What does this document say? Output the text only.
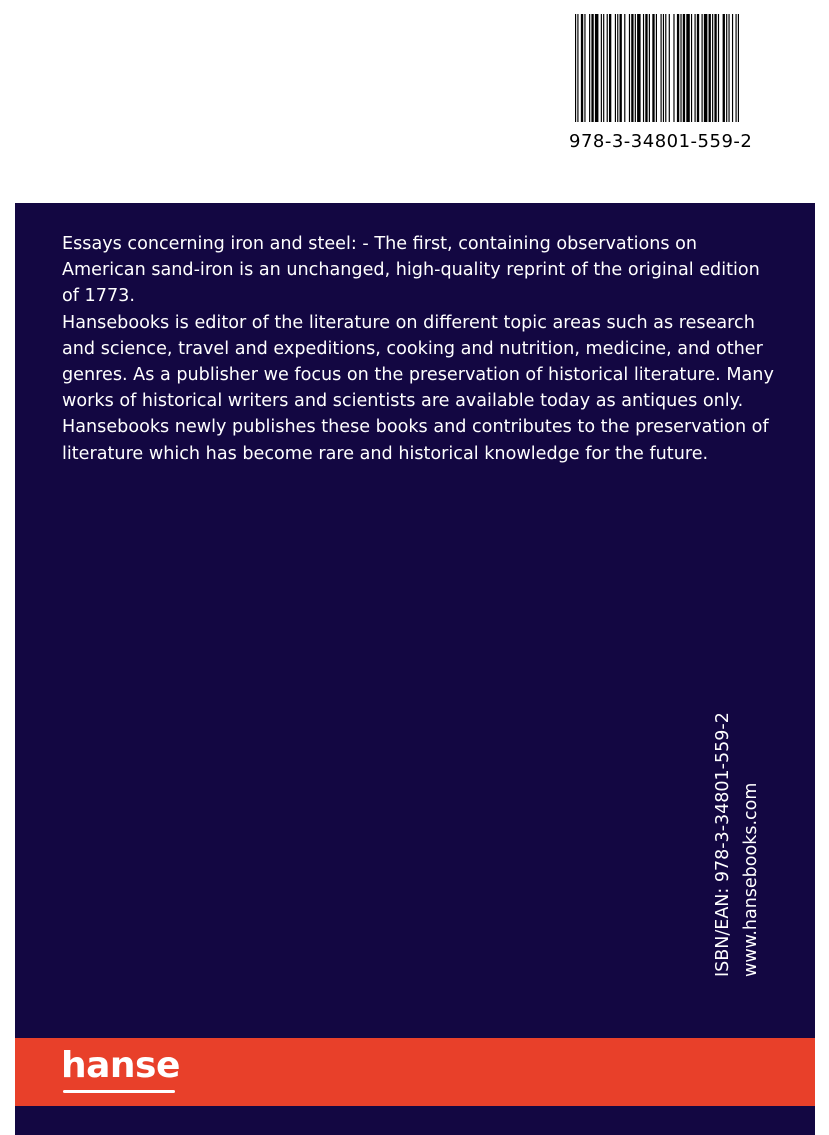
978-3-34801-559-2

Essays concerning iron and steel: - The first, containing observations on American sand-iron is an unchanged, high-quality reprint of the original edition of 1773.

Hansebooks is editor of the literature on different topic areas such as research and science, travel and expeditions, cooking and nutrition, medicine, and other genres. As a publisher we focus on the preservation of historical literature. Many works of historical writers and scientists are available today as antiques only. Hansebooks newly publishes these books and contributes to the preservation of literature which has become rare and historical knowledge for the future.

ISBN/EAN: 978-3-34801-559-2 www.hansebooks.com
hanse
